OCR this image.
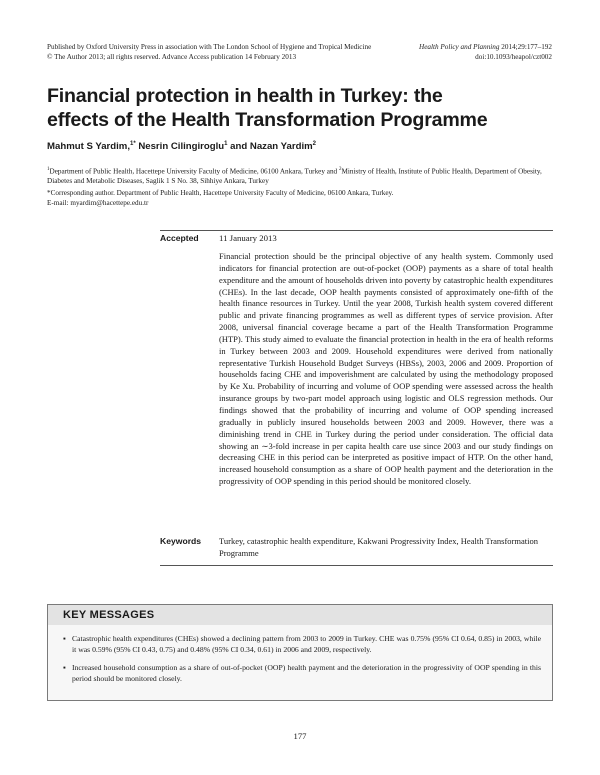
Published by Oxford University Press in association with The London School of Hygiene and Tropical Medicine
© The Author 2013; all rights reserved. Advance Access publication 14 February 2013
Health Policy and Planning 2014;29:177–192
doi:10.1093/heapol/czt002
Financial protection in health in Turkey: the
effects of the Health Transformation Programme
Mahmut S Yardim,$^{1*}$ Nesrin Cilingiroglu$^1$ and Nazan Yardim$^2$
$^1$Department of Public Health, Hacettepe University Faculty of Medicine, 06100 Ankara, Turkey and $^2$Ministry of Health, Institute of Public Health, Department of Obesity, Diabetes and Metabolic Diseases, Saglik 1 S No. 38, Sihhiye Ankara, Turkey
*Corresponding author. Department of Public Health, Hacettepe University Faculty of Medicine, 06100 Ankara, Turkey.
E-mail: myardim@hacettepe.edu.tr
Accepted 11 January 2013
Financial protection should be the principal objective of any health system. Commonly used indicators for financial protection are out-of-pocket (OOP) payments as a share of total health expenditure and the amount of households driven into poverty by catastrophic health expenditures (CHEs). In the last decade, OOP health payments consisted of approximately one-fifth of the health finance resources in Turkey. Until the year 2008, Turkish health system covered different public and private financing programmes as well as different types of service provision. After 2008, universal financial coverage became a part of the Health Transformation Programme (HTP). This study aimed to evaluate the financial protection in health in the era of health reforms in Turkey between 2003 and 2009. Household expenditures were derived from nationally representative Turkish Household Budget Surveys (HBSs), 2003, 2006 and 2009. Proportion of households facing CHE and impoverishment are calculated by using the methodology proposed by Ke Xu. Probability of incurring and volume of OOP spending were assessed across the health insurance groups by two-part model approach using logistic and OLS regression methods. Our findings showed that the probability of incurring and volume of OOP spending increased gradually in publicly insured households between 2003 and 2009. However, there was a diminishing trend in CHE in Turkey during the period under consideration. The official data showing an ∼3-fold increase in per capita health care use since 2003 and our study findings on decreasing CHE in this period can be interpreted as positive impact of HTP. On the other hand, increased household consumption as a share of OOP health payment and the deterioration in the progressivity of OOP spending in this period should be monitored closely.
Keywords Turkey, catastrophic health expenditure, Kakwani Progressivity Index, Health Transformation Programme
KEY MESSAGES
▪ Catastrophic health expenditures (CHEs) showed a declining pattern from 2003 to 2009 in Turkey. CHE was 0.75% (95% CI 0.64, 0.85) in 2003, while it was 0.59% (95% CI 0.43, 0.75) and 0.48% (95% CI 0.34, 0.61) in 2006 and 2009, respectively.
▪ Increased household consumption as a share of out-of-pocket (OOP) health payment and the deterioration in the progressivity of OOP spending in this period should be monitored closely.
177
